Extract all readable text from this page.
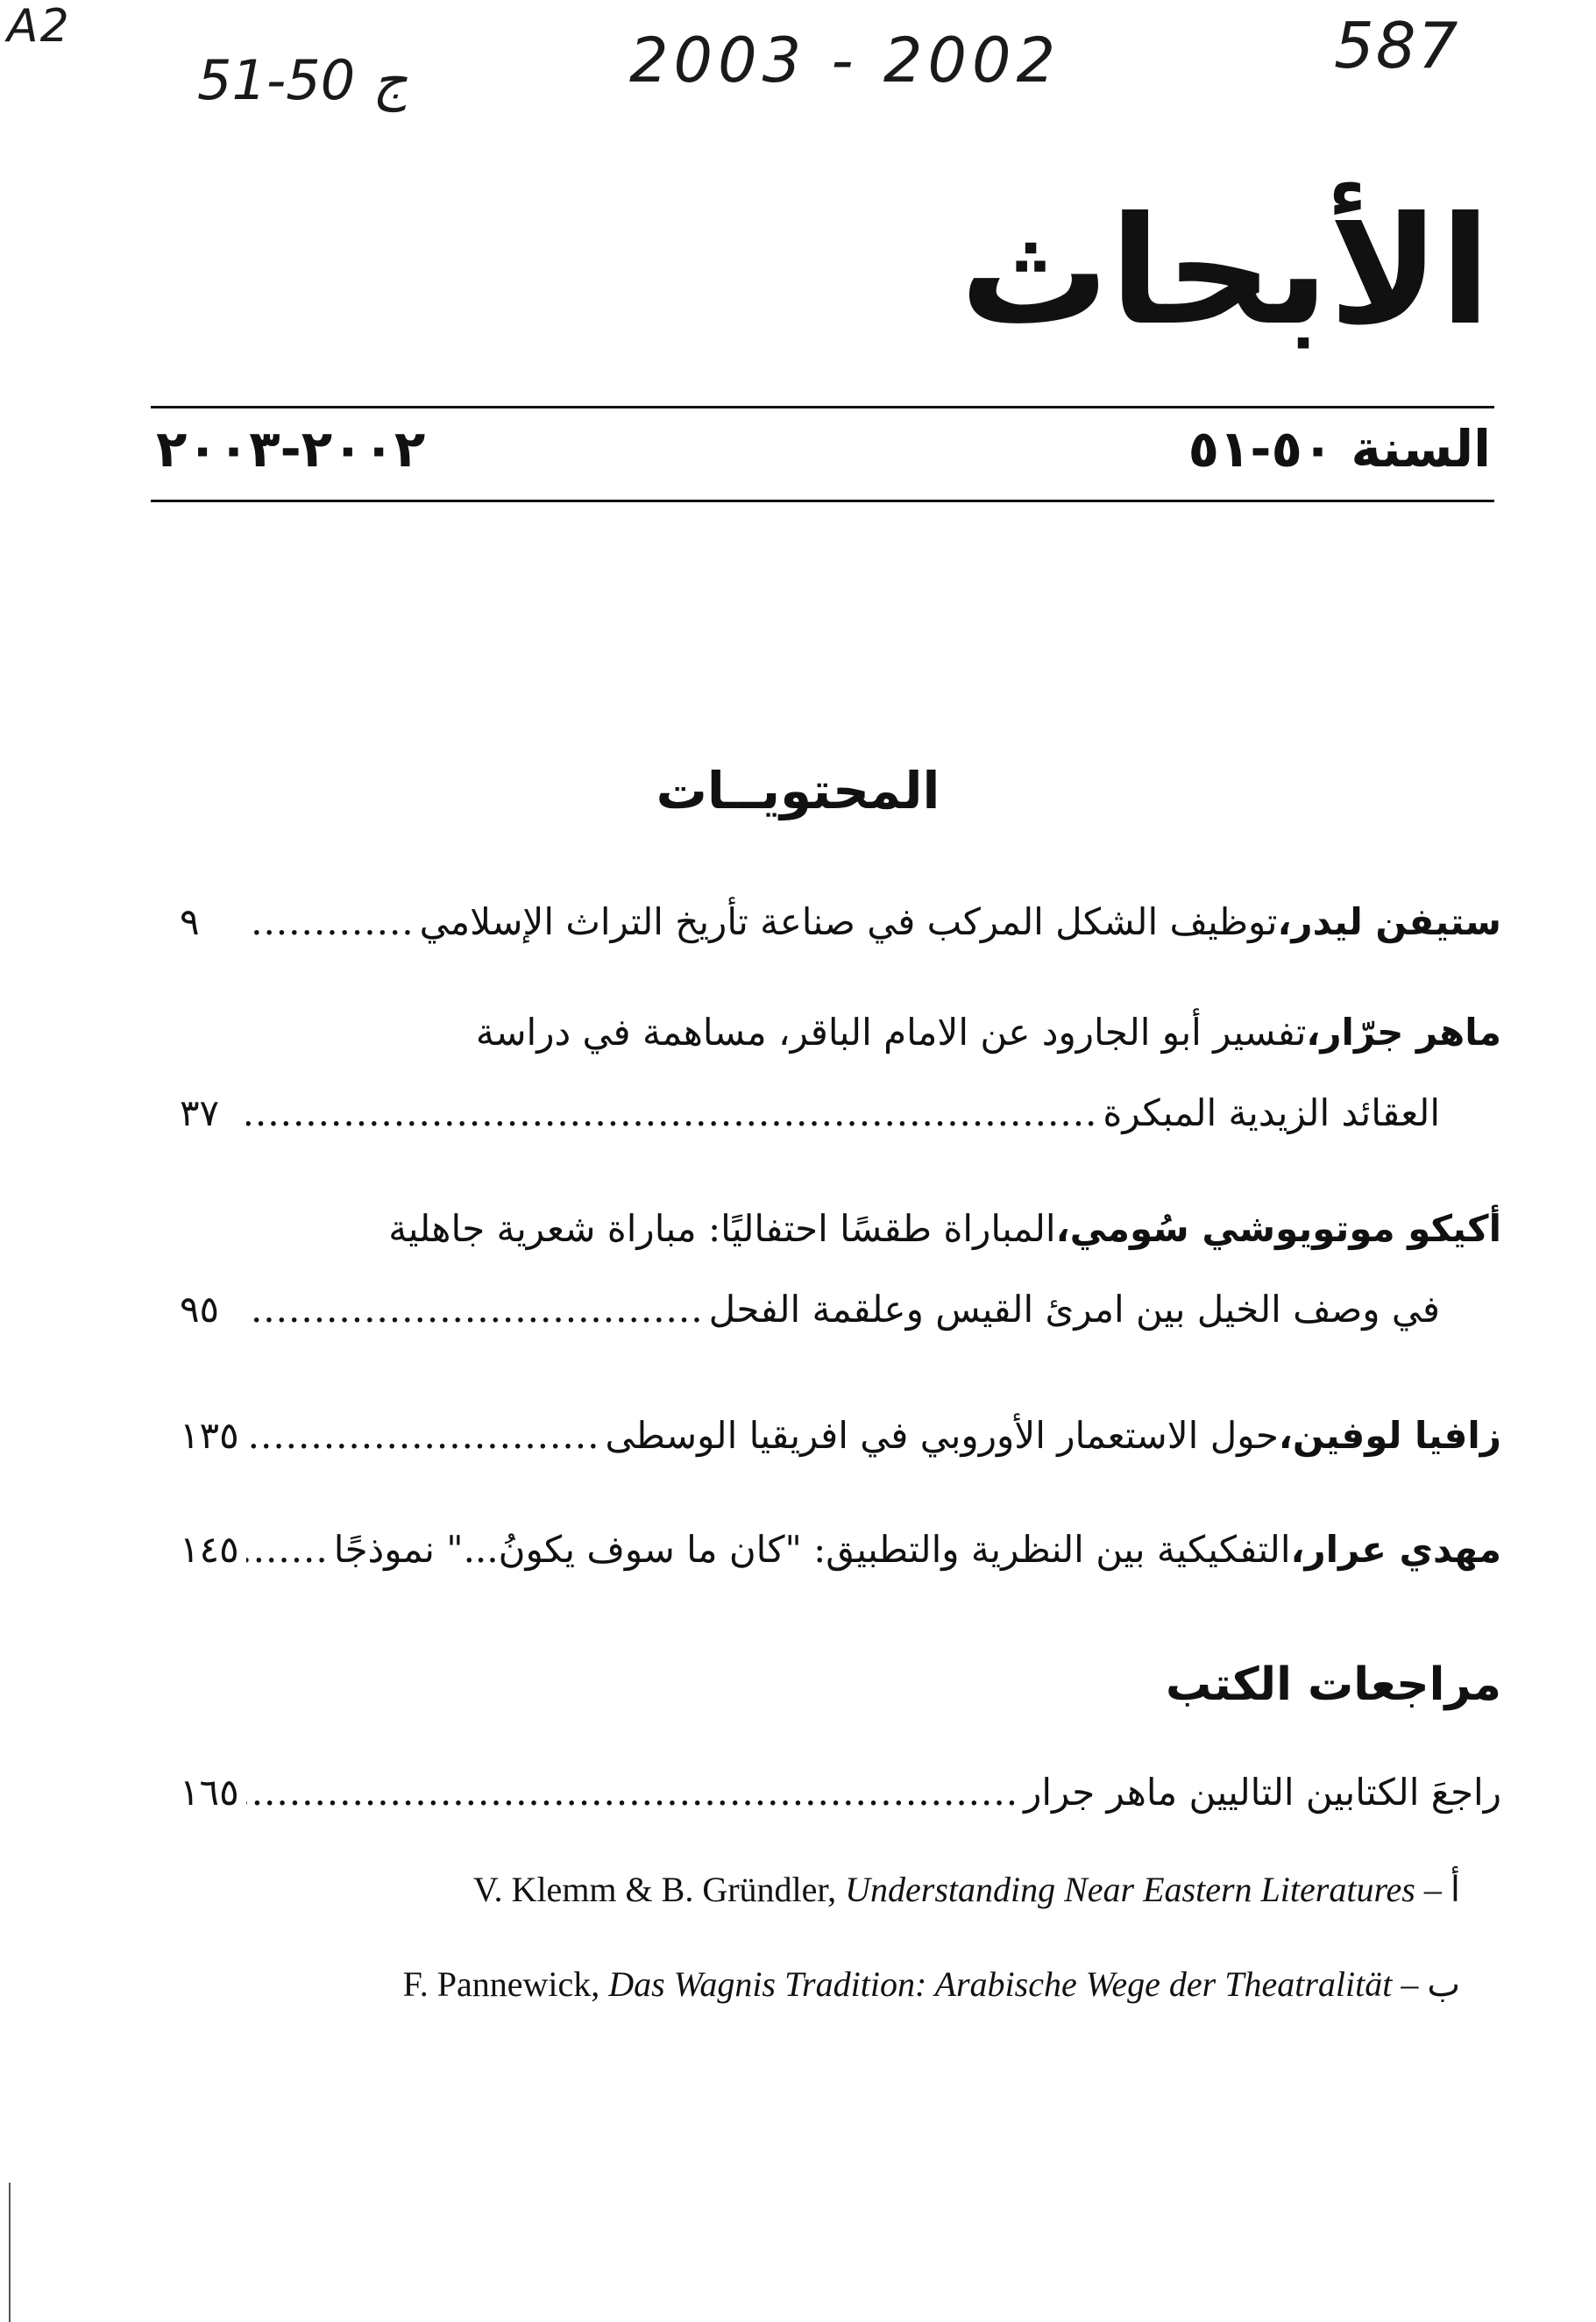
A2
51-50 ج	2003 - 2002	587
الأبحاث
السنة ٥٠-٥١
٢٠٠٢-٢٠٠٣
المحتويــات
ستيفن ليدر،
توظيف الشكل المركب في صناعة تأريخ التراث الإسلامي
.....
٩
ماهر جرّار،
تفسير أبو الجارود عن الامام الباقر، مساهمة في دراسة
العقائد الزيدية المبكرة
.....
٣٧
أكيكو موتويوشي سُومي،
المباراة طقسًا احتفاليًا: مباراة شعرية جاهلية
في وصف الخيل بين امرئ القيس وعلقمة الفحل
.....
٩٥
زافيا لوفين،
حول الاستعمار الأوروبي في افريقيا الوسطى
.....
١٣٥
مهدي عرار،
التفكيكية بين النظرية والتطبيق: "كان ما سوف يكونُ..." نموذجًا
.....
١٤٥
مراجعات الكتب
راجعَ الكتابين التاليين ماهر جرار
.....
١٦٥
V. Klemm & B. Gründler, Understanding Near Eastern Literatures – أ
F. Pannewick, Das Wagnis Tradition: Arabische Wege der Theatralität – ب
